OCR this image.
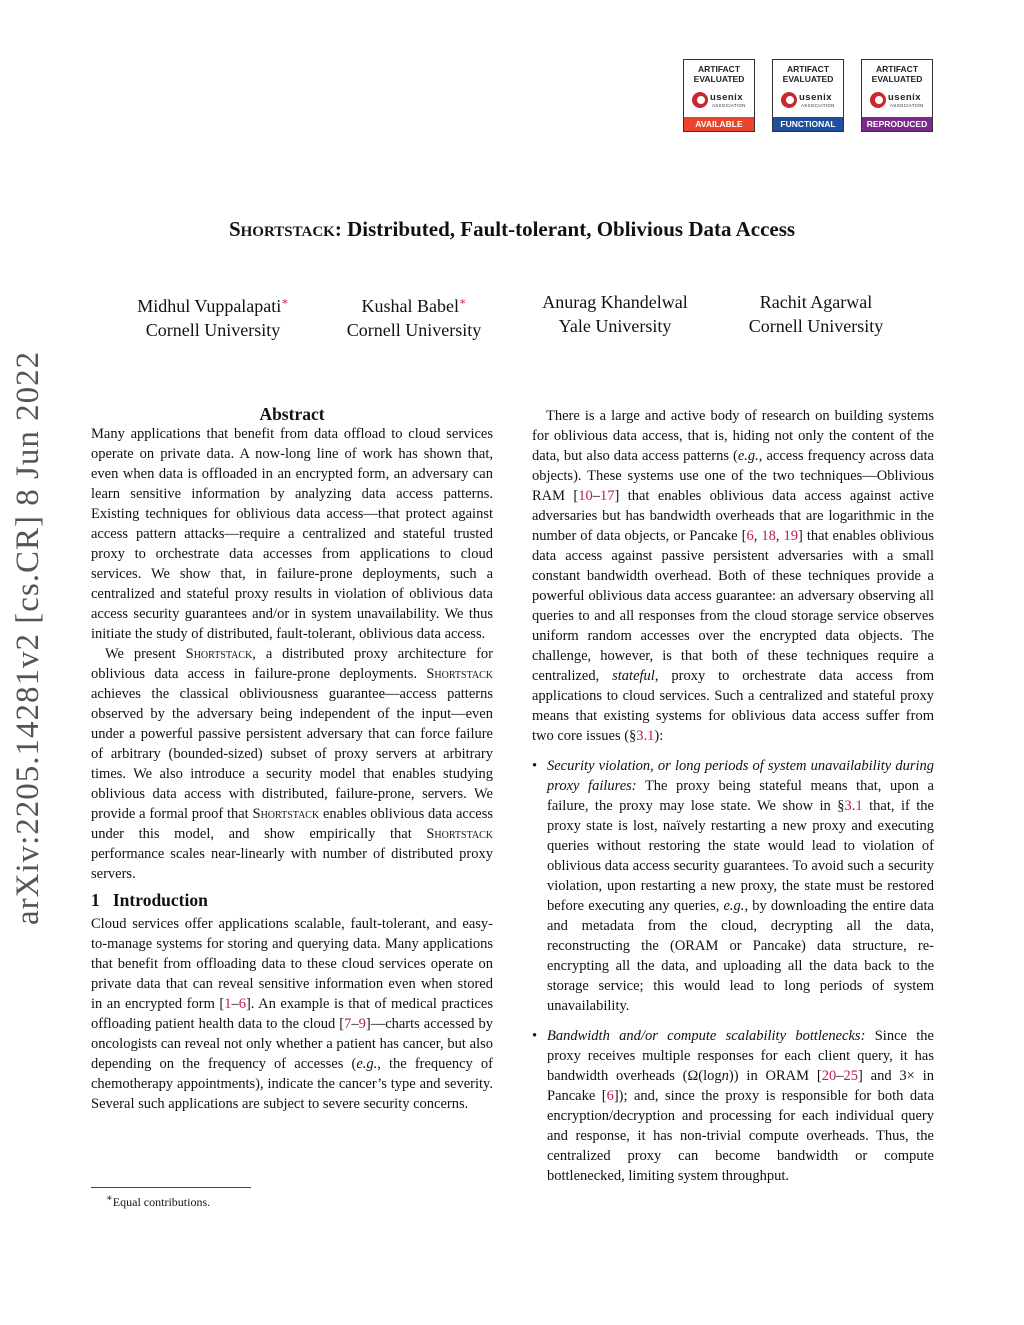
ARTIFACT
EVALUATED
usenix
ASSOCIATION
AVAILABLE
ARTIFACT
EVALUATED
usenix
ASSOCIATION
FUNCTIONAL
ARTIFACT
EVALUATED
usenix
ASSOCIATION
REPRODUCED
Shortstack: Distributed, Fault-tolerant, Oblivious Data Access
Midhul Vuppalapati∗
Cornell University
Kushal Babel∗
Cornell University
Anurag Khandelwal
Yale University
Rachit Agarwal
Cornell University
arXiv:2205.14281v2 [cs.CR] 8 Jun 2022	Abstract

Many applications that benefit from data offload to cloud services operate on private data. A now-long line of work has shown that, even when data is offloaded in an encrypted form, an adversary can learn sensitive information by analyzing data access patterns. Existing techniques for oblivious data access—that protect against access pattern attacks—require a centralized and stateful trusted proxy to orchestrate data accesses from applications to cloud services. We show that, in failure-prone deployments, such a centralized and stateful proxy results in violation of oblivious data access security guarantees and/or in system unavailability. We thus initiate the study of distributed, fault-tolerant, oblivious data access.

We present Shortstack, a distributed proxy architecture for oblivious data access in failure-prone deployments. Shortstack achieves the classical obliviousness guarantee—access patterns observed by the adversary being independent of the input—even under a powerful passive persistent adversary that can force failure of arbitrary (bounded-sized) subset of proxy servers at arbitrary times. We also introduce a security model that enables studying oblivious data access with distributed, failure-prone, servers. We provide a formal proof that Shortstack enables oblivious data access under this model, and show empirically that Shortstack performance scales near-linearly with number of distributed proxy servers.

1 Introduction

Cloud services offer applications scalable, fault-tolerant, and easy-to-manage systems for storing and querying data. Many applications that benefit from offloading data to these cloud services operate on private data that can reveal sensitive information even when stored in an encrypted form [1–6]. An example is that of medical practices offloading patient health data to the cloud [7–9]—charts accessed by oncologists can reveal not only whether a patient has cancer, but also depending on the frequency of accesses (e.g., the frequency of chemotherapy appointments), indicate the cancer’s type and severity. Several such applications are subject to severe security concerns.

∗Equal contributions.

There is a large and active body of research on building systems for oblivious data access, that is, hiding not only the content of the data, but also data access patterns (e.g., access frequency across data objects). These systems use one of the two techniques—Oblivious RAM [10–17] that enables oblivious data access against active adversaries but has bandwidth overheads that are logarithmic in the number of data objects, or Pancake [6, 18, 19] that enables oblivious data access against passive persistent adversaries with a small constant bandwidth overhead. Both of these techniques provide a powerful oblivious data access guarantee: an adversary observing all queries to and all responses from the cloud storage service observes uniform random accesses over the encrypted data objects. The challenge, however, is that both of these techniques require a centralized, stateful, proxy to orchestrate data access from applications to cloud services. Such a centralized and stateful proxy means that existing systems for oblivious data access suffer from two core issues (§3.1):

• Security violation, or long periods of system unavailability during proxy failures: The proxy being stateful means that, upon a failure, the proxy may lose state. We show in §3.1 that, if the proxy state is lost, naïvely restarting a new proxy and executing queries without restoring the state would lead to violation of oblivious data access security guarantees. To avoid such a security violation, upon restarting a new proxy, the state must be restored before executing any queries, e.g., by downloading the entire data and metadata from the cloud, decrypting all the data, reconstructing the (ORAM or Pancake) data structure, re-encrypting all the data, and uploading all the data back to the storage service; this would lead to long periods of system unavailability.
• Bandwidth and/or compute scalability bottlenecks: Since the proxy receives multiple responses for each client query, it has bandwidth overheads (Ω(logn)) in ORAM [20–25] and 3× in Pancake [6]); and, since the proxy is responsible for both data encryption/decryption and processing for each individual query and response, it has non-trivial compute overheads. Thus, the centralized proxy can become bandwidth or compute bottlenecked, limiting system throughput.
